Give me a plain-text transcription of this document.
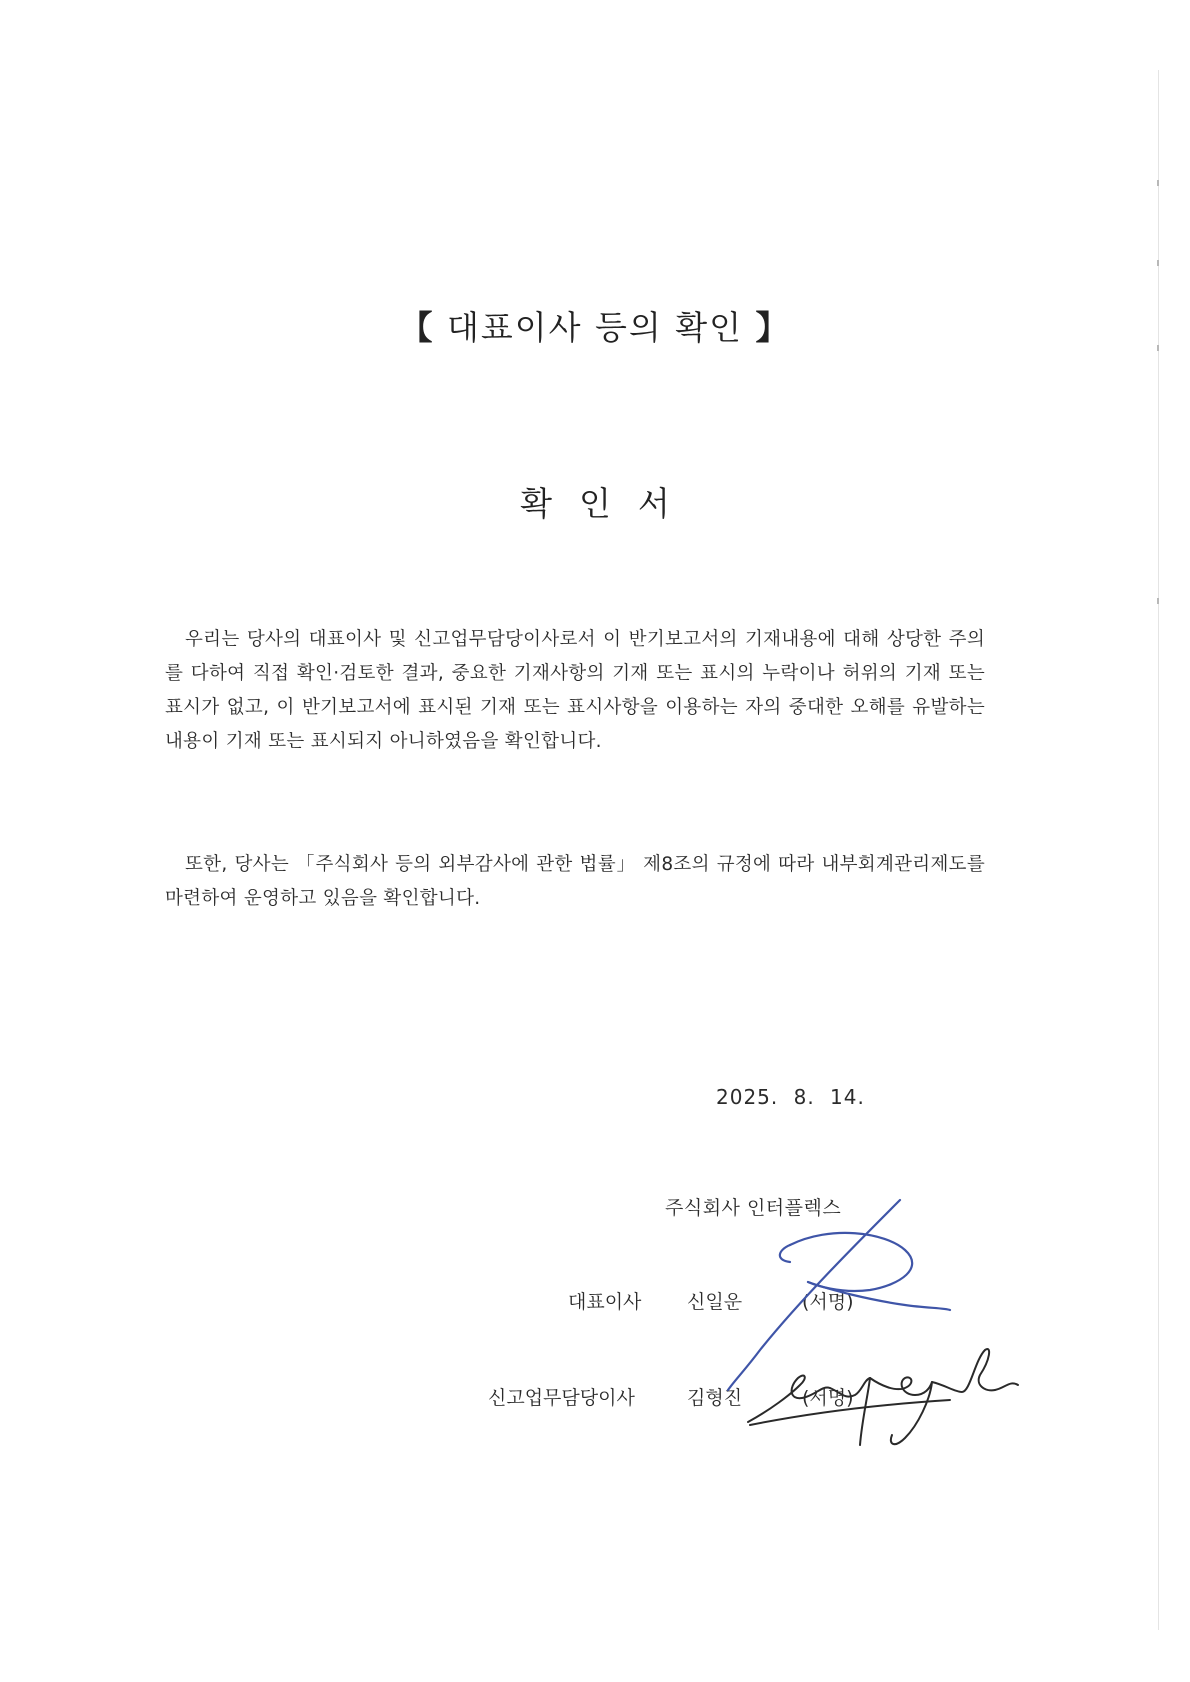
【 대표이사 등의 확인 】
확인서

우리는 당사의 대표이사 및 신고업무담당이사로서 이 반기보고서의 기재내용에 대해 상당한 주의를 다하여 직접 확인·검토한 결과, 중요한 기재사항의 기재 또는 표시의 누락이나 허위의 기재 또는 표시가 없고, 이 반기보고서에 표시된 기재 또는 표시사항을 이용하는 자의 중대한 오해를 유발하는 내용이 기재 또는 표시되지 아니하였음을 확인합니다.

또한, 당사는 「주식회사 등의 외부감사에 관한 법률」 제8조의 규정에 따라 내부회계관리제도를 마련하여 운영하고 있음을 확인합니다.

2025. 8. 14.
주식회사 인터플렉스
대표이사 신일운	(서명)
신고업무담당이사	김형진	(서명)
